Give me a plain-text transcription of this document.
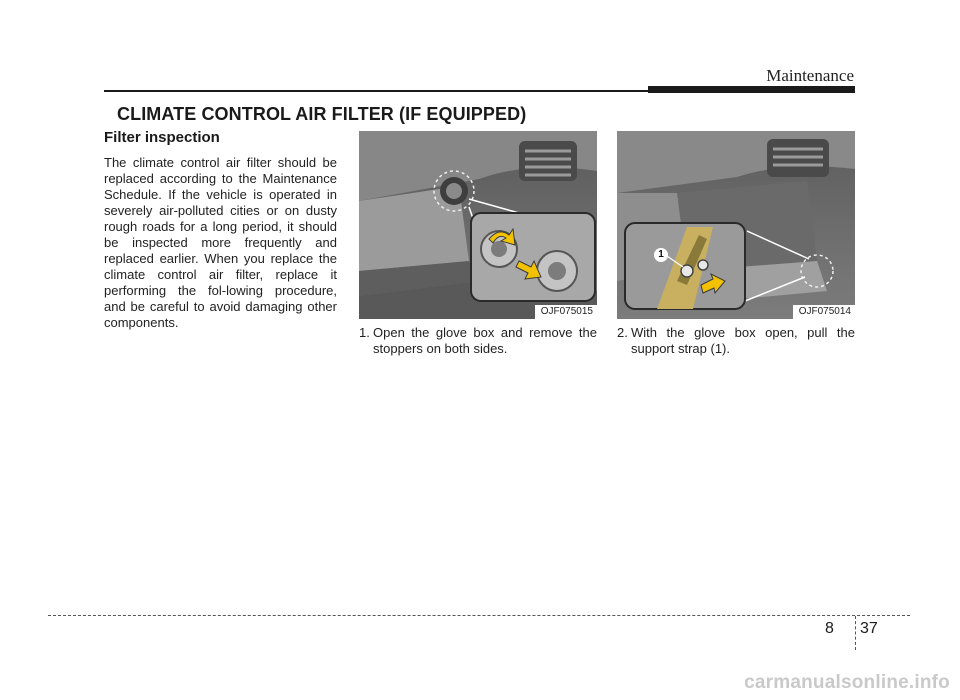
Maintenance
CLIMATE CONTROL AIR FILTER (IF EQUIPPED)
Filter inspection
The climate control air filter should be replaced according to the Maintenance Schedule. If the vehicle is operated in severely air-polluted cities or on dusty rough roads for a long period, it should be inspected more frequently and replaced earlier. When you replace the climate control air filter, replace it performing the fol-lowing procedure, and be careful to avoid damaging other components.
OJF075015
1
OJF075014
1. Open the glove box and remove the stoppers on both sides.
2. With the glove box open, pull the support strap (1).
8 37
carmanualsonline.info
